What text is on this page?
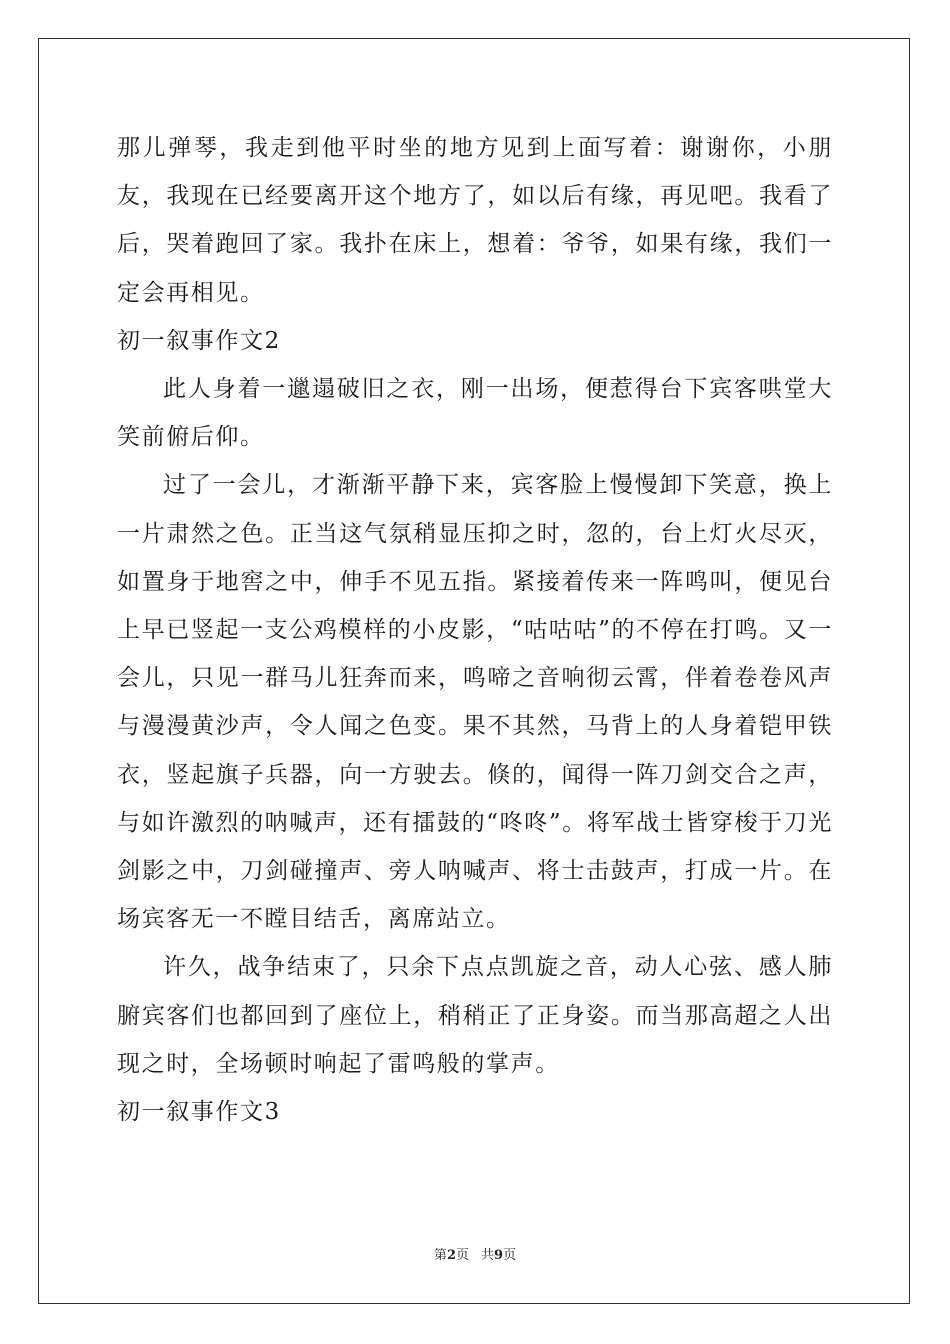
那儿弹琴，我走到他平时坐的地方见到上面写着：谢谢你，小朋友，我现在已经要离开这个地方了，如以后有缘，再见吧。我看了后，哭着跑回了家。我扑在床上，想着：爷爷，如果有缘，我们一定会再相见。

初一叙事作文2

此人身着一邋遢破旧之衣，刚一出场，便惹得台下宾客哄堂大笑前俯后仰。

过了一会儿，才渐渐平静下来，宾客脸上慢慢卸下笑意，换上一片肃然之色。正当这气氛稍显压抑之时，忽的，台上灯火尽灭，如置身于地窖之中，伸手不见五指。紧接着传来一阵鸣叫，便见台上早已竖起一支公鸡模样的小皮影，“咕咕咕”的不停在打鸣。又一会儿，只见一群马儿狂奔而来，鸣啼之音响彻云霄，伴着卷卷风声与漫漫黄沙声，令人闻之色变。果不其然，马背上的人身着铠甲铁衣，竖起旗子兵器，向一方驶去。倏的，闻得一阵刀剑交合之声，与如许激烈的呐喊声，还有擂鼓的“咚咚”。将军战士皆穿梭于刀光剑影之中，刀剑碰撞声、旁人呐喊声、将士击鼓声，打成一片。在场宾客无一不瞠目结舌，离席站立。

许久，战争结束了，只余下点点凯旋之音，动人心弦、感人肺腑宾客们也都回到了座位上，稍稍正了正身姿。而当那高超之人出现之时，全场顿时响起了雷鸣般的掌声。

初一叙事作文3
第2页 共9页
